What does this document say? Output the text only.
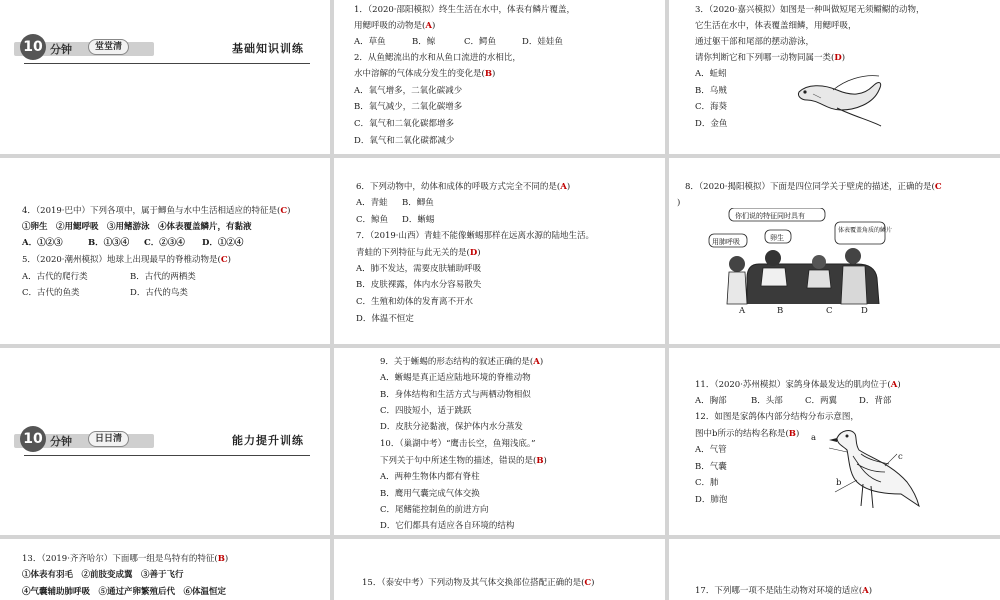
10 分钟	堂堂清	基础知识训练
1．（2020·邵阳模拟）终生生活在水中，体表有鳞片覆盖，
用鳃呼吸的动物是(A)
A．草鱼	B．鲸	C．鳄鱼	D．娃娃鱼
2．从鱼鳃流出的水和从鱼口流进的水相比，
水中溶解的气体成分发生的变化是(B)
A．氧气增多，二氧化碳减少
B．氧气减少，二氧化碳增多
C．氧气和二氧化碳都增多
D．氧气和二氧化碳都减少
3．（2020·嘉兴模拟）如图是一种叫做短尾无须鳚鳚的动物，
它生活在水中，体表覆盖细鳞，用鳃呼吸，
通过躯干部和尾部的摆动游泳，
请你判断它和下列哪一动物同属一类(D)
A．蚯蚓
B．乌贼
C．海葵
D．金鱼
4．（2019·巴中）下列各项中，属于鲫鱼与水中生活相适应的特征是(C)
①卵生　②用鳃呼吸　③用鳍游泳　④体表覆盖鳞片，有黏液
A．①②③	B．①③④ C．②③④ D．①②④
5．（2020·潮州模拟）地球上出现最早的脊椎动物是(C)
A．古代的爬行类	B．古代的两栖类
C．古代的鱼类	D．古代的鸟类
6．下列动物中，幼体和成体的呼吸方式完全不同的是(A)
A．青蛙 B．鲫鱼
C．鲸鱼 D．蜥蜴
7．（2019·山西）青蛙不能像蜥蜴那样在远离水源的陆地生活。
青蛙的下列特征与此无关的是(D)
A．肺不发达，需要皮肤辅助呼吸
B．皮肤裸露，体内水分容易散失
C．生殖和幼体的发育离不开水
D．体温不恒定
8．（2020·揭阳模拟）下面是四位同学关于壁虎的描述，正确的是(C
)
你们说的特征同时具有
用肺呼吸	卵生
体表覆盖角质的鳞片
A	B	C	D
10 分钟	日日清	能力提升训练
9．关于蜥蜴的形态结构的叙述正确的是(A)
A．蜥蜴是真正适应陆地环境的脊椎动物
B．身体结构和生活方式与两栖动物相似
C．四肢短小，适于跳跃
D．皮肤分泌黏液，保护体内水分蒸发
10．（巢湖中考）“鹰击长空，鱼翔浅底。”
下列关于句中所述生物的描述，错误的是(B)
A．两种生物体内都有脊柱
B．鹰用气囊完成气体交换
C．尾鳍能控制鱼的前进方向
D．它们都具有适应各自环境的结构
11．（2020·苏州模拟）家鸽身体最发达的肌肉位于(A)
A．胸部	B．头部	C．两翼	D．背部
12．如图是家鸽体内部分结构分布示意图，
图中b所示的结构名称是(B)
A．气管
B．气囊
C．肺
D．肺泡
a
b
c
13．（2019·齐齐哈尔）下面哪一组是鸟特有的特征(B)
①体表有羽毛　②前肢变成翼　③善于飞行
④气囊辅助肺呼吸　⑤通过产卵繁殖后代　⑥体温恒定
15．（泰安中考）下列动物及其气体交换部位搭配正确的是(C)
17．下列哪一项不是陆生动物对环境的适应(A)
